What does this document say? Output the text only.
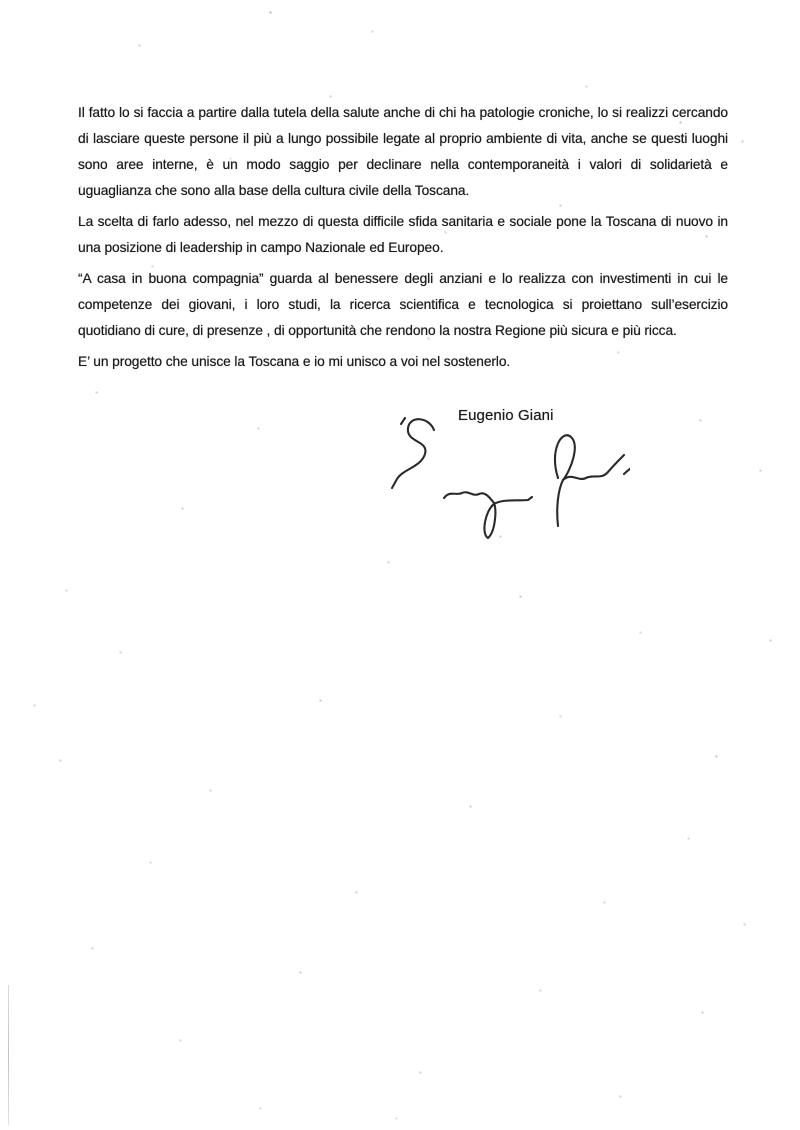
Il fatto lo si faccia a partire dalla tutela della salute anche di chi ha patologie croniche, lo si realizzi cercando
di lasciare queste persone il più a lungo possibile legate al proprio ambiente di vita, anche se questi luoghi
sono aree interne, è un modo saggio per declinare nella contemporaneità i valori di solidarietà e
uguaglianza che sono alla base della cultura civile della Toscana.

La scelta di farlo adesso, nel mezzo di questa difficile sfida sanitaria e sociale pone la Toscana di nuovo in
una posizione di leadership in campo Nazionale ed Europeo.

“A casa in buona compagnia” guarda al benessere degli anziani e lo realizza con investimenti in cui le
competenze dei giovani, i loro studi, la ricerca scientifica e tecnologica si proiettano sull’esercizio
quotidiano di cure, di presenze , di opportunità che rendono la nostra Regione più sicura e più ricca.

E’ un progetto che unisce la Toscana e io mi unisco a voi nel sostenerlo.

Eugenio Giani
